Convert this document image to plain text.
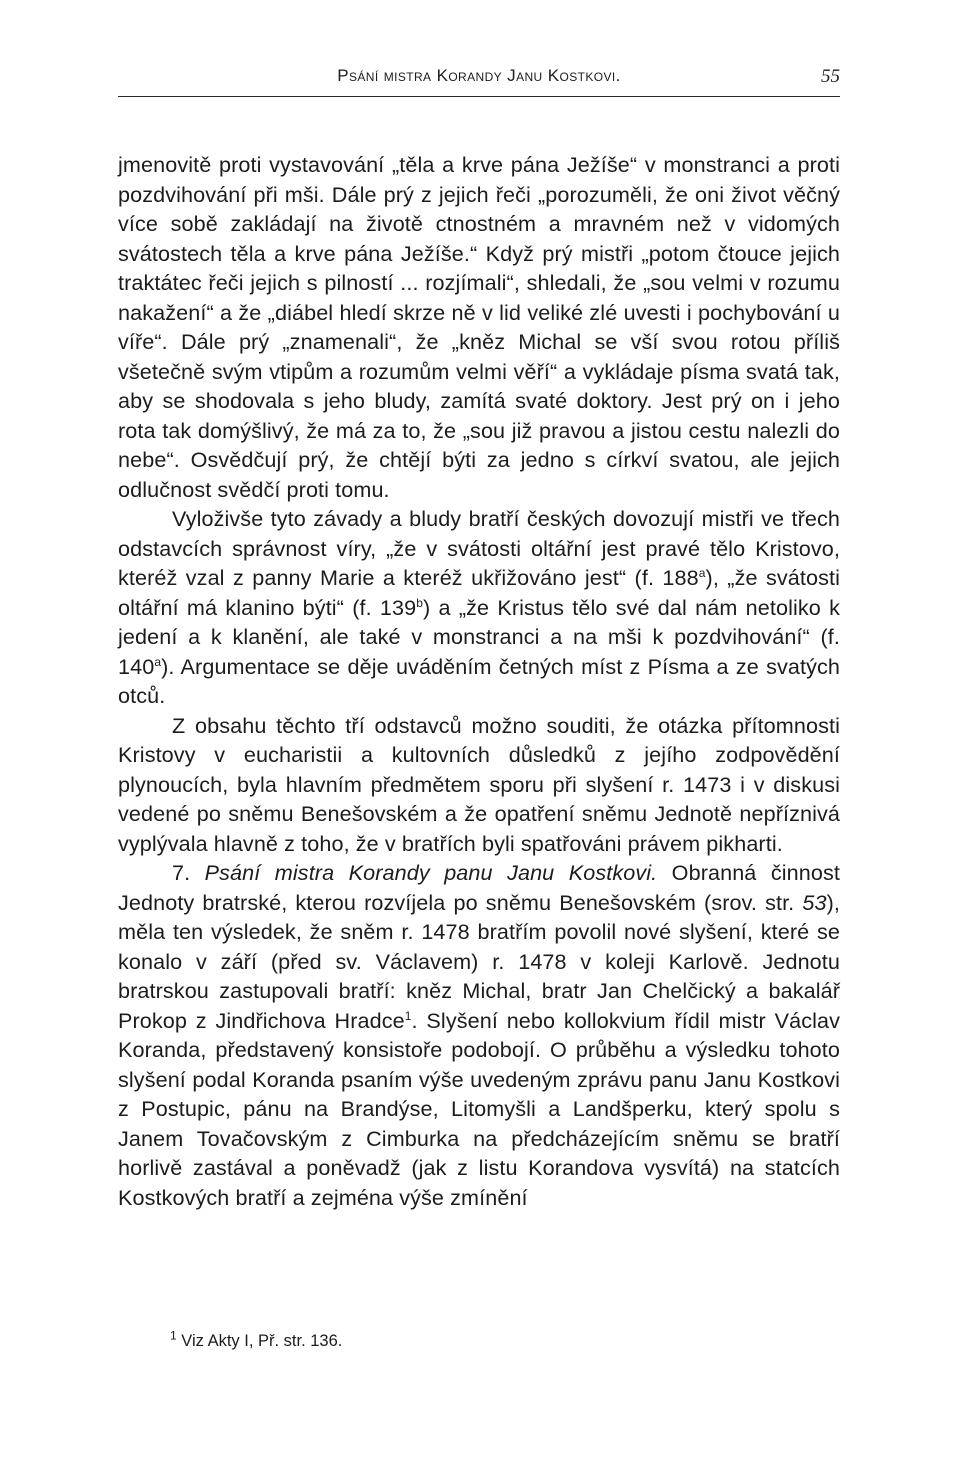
Psání mistra Korandy Janu Kostkovi.	55

jmenovitě proti vystavování „těla a krve pána Ježíše“ v monstranci a proti pozdvihování při mši. Dále prý z jejich řeči „porozuměli, že oni život věčný více sobě zakládají na životě ctnostném a mravném než v vidomých svátostech těla a krve pána Ježíše.“ Když prý mistři „potom čtouce jejich traktátec řeči jejich s pilností ... rozjímali“, shledali, že „sou velmi v rozumu nakažení“ a že „diábel hledí skrze ně v lid veliké zlé uvesti i pochybování u víře“. Dále prý „znamenali“, že „kněz Michal se vší svou rotou příliš všetečně svým vtipům a rozumům velmi věří“ a vykládaje písma svatá tak, aby se shodovala s jeho bludy, zamítá svaté doktory. Jest prý on i jeho rota tak domýšlivý, že má za to, že „sou již pravou a jistou cestu nalezli do nebe“. Osvědčují prý, že chtějí býti za jedno s církví svatou, ale jejich odlučnost svědčí proti tomu.

Vyloživše tyto závady a bludy bratří českých dovozují mistři ve třech odstavcích správnost víry, „že v svátosti oltářní jest pravé tělo Kristovo, kteréž vzal z panny Marie a kteréž ukřižováno jest“ (f. 188$^a$), „že svátosti oltářní má klanino býti“ (f. 139$^b$) a „že Kristus tělo své dal nám netoliko k jedení a k klanění, ale také v monstranci a na mši k pozdvihování“ (f. 140$^a$). Argumentace se děje uváděním četných míst z Písma a ze svatých otců.

Z obsahu těchto tří odstavců možno souditi, že otázka přítomnosti Kristovy v eucharistii a kultovních důsledků z jejího zodpovědění plynoucích, byla hlavním předmětem sporu při slyšení r. 1473 i v diskusi vedené po sněmu Benešovském a že opatření sněmu Jednotě nepříznivá vyplývala hlavně z toho, že v bratřích byli spatřováni právem pikharti.

7. Psání mistra Korandy panu Janu Kostkovi. Obranná činnost Jednoty bratrské, kterou rozvíjela po sněmu Benešovském (srov. str. 53), měla ten výsledek, že sněm r. 1478 bratřím povolil nové slyšení, které se konalo v září (před sv. Václavem) r. 1478 v koleji Karlově. Jednotu bratrskou zastupovali bratří: kněz Michal, bratr Jan Chelčický a bakalář Prokop z Jindřichova Hradce$^1$. Slyšení nebo kollokvium řídil mistr Václav Koranda, představený konsistoře podobojí. O průběhu a výsledku tohoto slyšení podal Koranda psaním výše uvedeným zprávu panu Janu Kostkovi z Postupic, pánu na Brandýse, Litomyšli a Landšperku, který spolu s Janem Tovačovským z Cimburka na předcházejícím sněmu se bratří horlivě zastával a poněvadž (jak z listu Korandova vysvítá) na statcích Kostkových bratří a zejména výše zmínění

$^1$ Viz Akty I, Př. str. 136.
